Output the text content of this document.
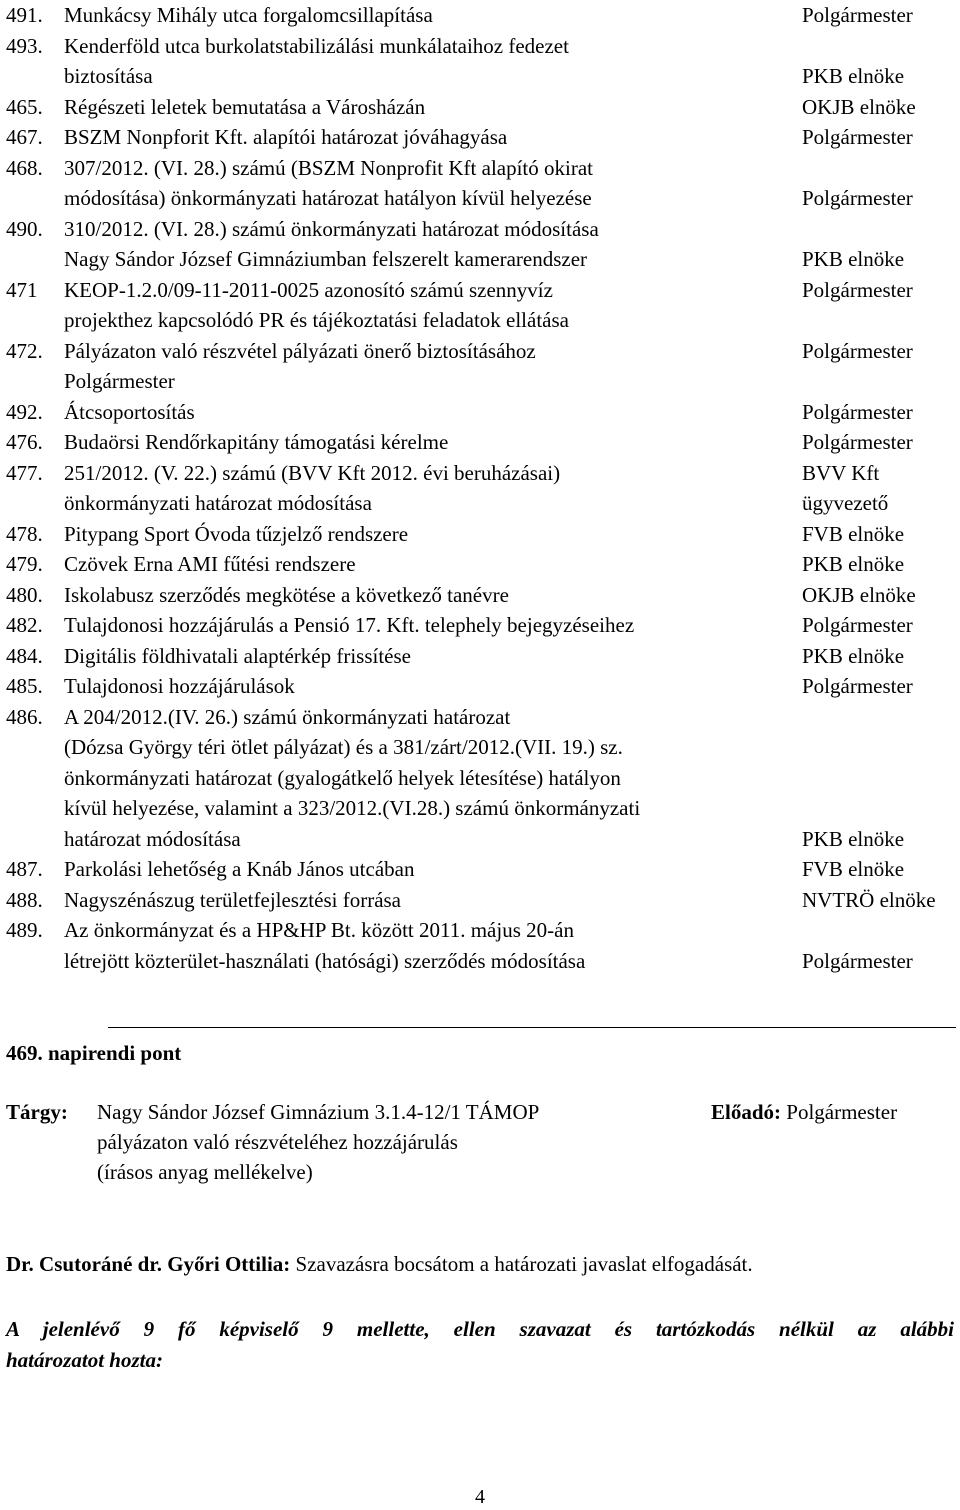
491.	Munkácsy Mihály utca forgalomcsillapítása	Polgármester
493.	Kenderföld utca burkolatstabilizálási munkálataihoz fedezet
biztosítása	PKB elnöke
465.	Régészeti leletek bemutatása a Városházán	OKJB elnöke
467.	BSZM Nonpforit Kft. alapítói határozat jóváhagyása	Polgármester
468.	307/2012. (VI. 28.) számú (BSZM Nonprofit Kft alapító okirat
módosítása) önkormányzati határozat hatályon kívül helyezése	Polgármester
490.	310/2012. (VI. 28.) számú önkormányzati határozat módosítása
Nagy Sándor József Gimnáziumban felszerelt kamerarendszer	PKB elnöke
471	KEOP-1.2.0/09-11-2011-0025 azonosító számú szennyvíz	Polgármester
projekthez kapcsolódó PR és tájékoztatási feladatok ellátása
472.	Pályázaton való részvétel pályázati önerő biztosításához	Polgármester
Polgármester
492.	Átcsoportosítás	Polgármester
476.	Budaörsi Rendőrkapitány támogatási kérelme	Polgármester
477.	251/2012. (V. 22.) számú (BVV Kft 2012. évi beruházásai)	BVV Kft
önkormányzati határozat módosítása	ügyvezető
478.	Pitypang Sport Óvoda tűzjelző rendszere	FVB elnöke
479.	Czövek Erna AMI fűtési rendszere	PKB elnöke
480.	Iskolabusz szerződés megkötése a következő tanévre	OKJB elnöke
482.	Tulajdonosi hozzájárulás a Pensió 17. Kft. telephely bejegyzéseihez	Polgármester
484.	Digitális földhivatali alaptérkép frissítése	PKB elnöke
485.	Tulajdonosi hozzájárulások	Polgármester
486.	A 204/2012.(IV. 26.) számú önkormányzati határozat
(Dózsa György téri ötlet pályázat) és a 381/zárt/2012.(VII. 19.) sz.
önkormányzati határozat (gyalogátkelő helyek létesítése) hatályon
kívül helyezése, valamint a 323/2012.(VI.28.) számú önkormányzati
határozat módosítása	PKB elnöke
487.	Parkolási lehetőség a Knáb János utcában	FVB elnöke
488.	Nagyszénászug területfejlesztési forrása	NVTRÖ elnöke
489.	Az önkormányzat és a HP&HP Bt. között 2011. május 20-án
létrejött közterület-használati (hatósági) szerződés módosítása	Polgármester
469. napirendi pont
Tárgy: Nagy Sándor József Gimnázium 3.1.4-12/1 TÁMOP
pályázaton való részvételéhez hozzájárulás
(írásos anyag mellékelve)
Előadó: Polgármester
Dr. Csutoráné dr. Győri Ottilia: Szavazásra bocsátom a határozati javaslat elfogadását.
A jelenlévő 9 fő képviselő 9 mellette, ellen szavazat és tartózkodás nélkül az alábbi
határozatot hozta:
4
